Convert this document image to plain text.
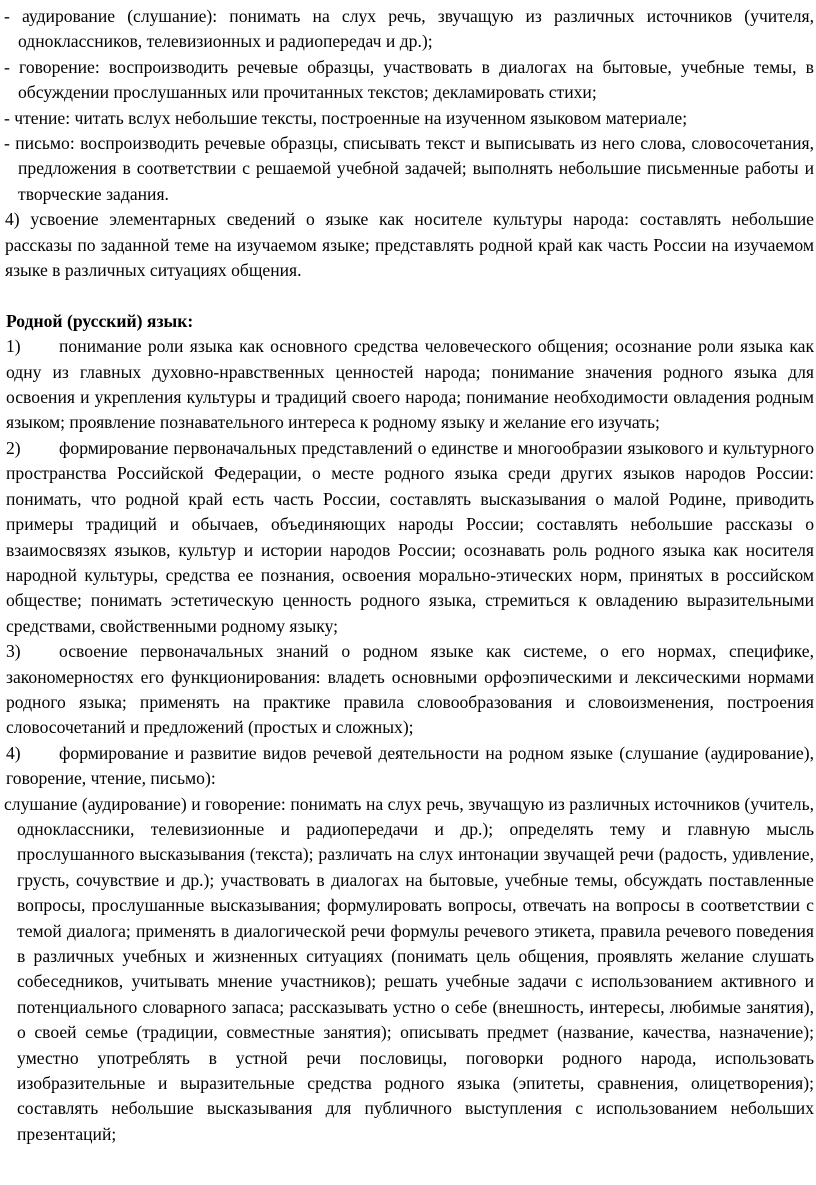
- аудирование (слушание): понимать на слух речь, звучащую из различных источников (учителя, одноклассников, телевизионных и радиопередач и др.);

- говорение: воспроизводить речевые образцы, участвовать в диалогах на бытовые, учебные темы, в обсуждении прослушанных или прочитанных текстов; декламировать стихи;

- чтение: читать вслух небольшие тексты, построенные на изученном языковом материале;

- письмо: воспроизводить речевые образцы, списывать текст и выписывать из него слова, словосочетания, предложения в соответствии с решаемой учебной задачей; выполнять небольшие письменные работы и творческие задания.

4) усвоение элементарных сведений о языке как носителе культуры народа: составлять небольшие рассказы по заданной теме на изучаемом языке; представлять родной край как часть России на изучаемом языке в различных ситуациях общения.

Родной (русский) язык:

1) понимание роли языка как основного средства человеческого общения; осознание роли языка как одну из главных духовно-нравственных ценностей народа; понимание значения родного языка для освоения и укрепления культуры и традиций своего народа; понимание необходимости овладения родным языком; проявление познавательного интереса к родному языку и желание его изучать;

2) формирование первоначальных представлений о единстве и многообразии языкового и культурного пространства Российской Федерации, о месте родного языка среди других языков народов России: понимать, что родной край есть часть России, составлять высказывания о малой Родине, приводить примеры традиций и обычаев, объединяющих народы России; составлять небольшие рассказы о взаимосвязях языков, культур и истории народов России; осознавать роль родного языка как носителя народной культуры, средства ее познания, освоения морально-этических норм, принятых в российском обществе; понимать эстетическую ценность родного языка, стремиться к овладению выразительными средствами, свойственными родному языку;

3) освоение первоначальных знаний о родном языке как системе, о его нормах, специфике, закономерностях его функционирования: владеть основными орфоэпическими и лексическими нормами родного языка; применять на практике правила словообразования и словоизменения, построения словосочетаний и предложений (простых и сложных);

4) формирование и развитие видов речевой деятельности на родном языке (слушание (аудирование), говорение, чтение, письмо):

слушание (аудирование) и говорение: понимать на слух речь, звучащую из различных источников (учитель, одноклассники, телевизионные и радиопередачи и др.); определять тему и главную мысль прослушанного высказывания (текста); различать на слух интонации звучащей речи (радость, удивление, грусть, сочувствие и др.); участвовать в диалогах на бытовые, учебные темы, обсуждать поставленные вопросы, прослушанные высказывания; формулировать вопросы, отвечать на вопросы в соответствии с темой диалога; применять в диалогической речи формулы речевого этикета, правила речевого поведения в различных учебных и жизненных ситуациях (понимать цель общения, проявлять желание слушать собеседников, учитывать мнение участников); решать учебные задачи с использованием активного и потенциального словарного запаса; рассказывать устно о себе (внешность, интересы, любимые занятия), о своей семье (традиции, совместные занятия); описывать предмет (название, качества, назначение); уместно употреблять в устной речи пословицы, поговорки родного народа, использовать изобразительные и выразительные средства родного языка (эпитеты, сравнения, олицетворения); составлять небольшие высказывания для публичного выступления с использованием небольших презентаций;
